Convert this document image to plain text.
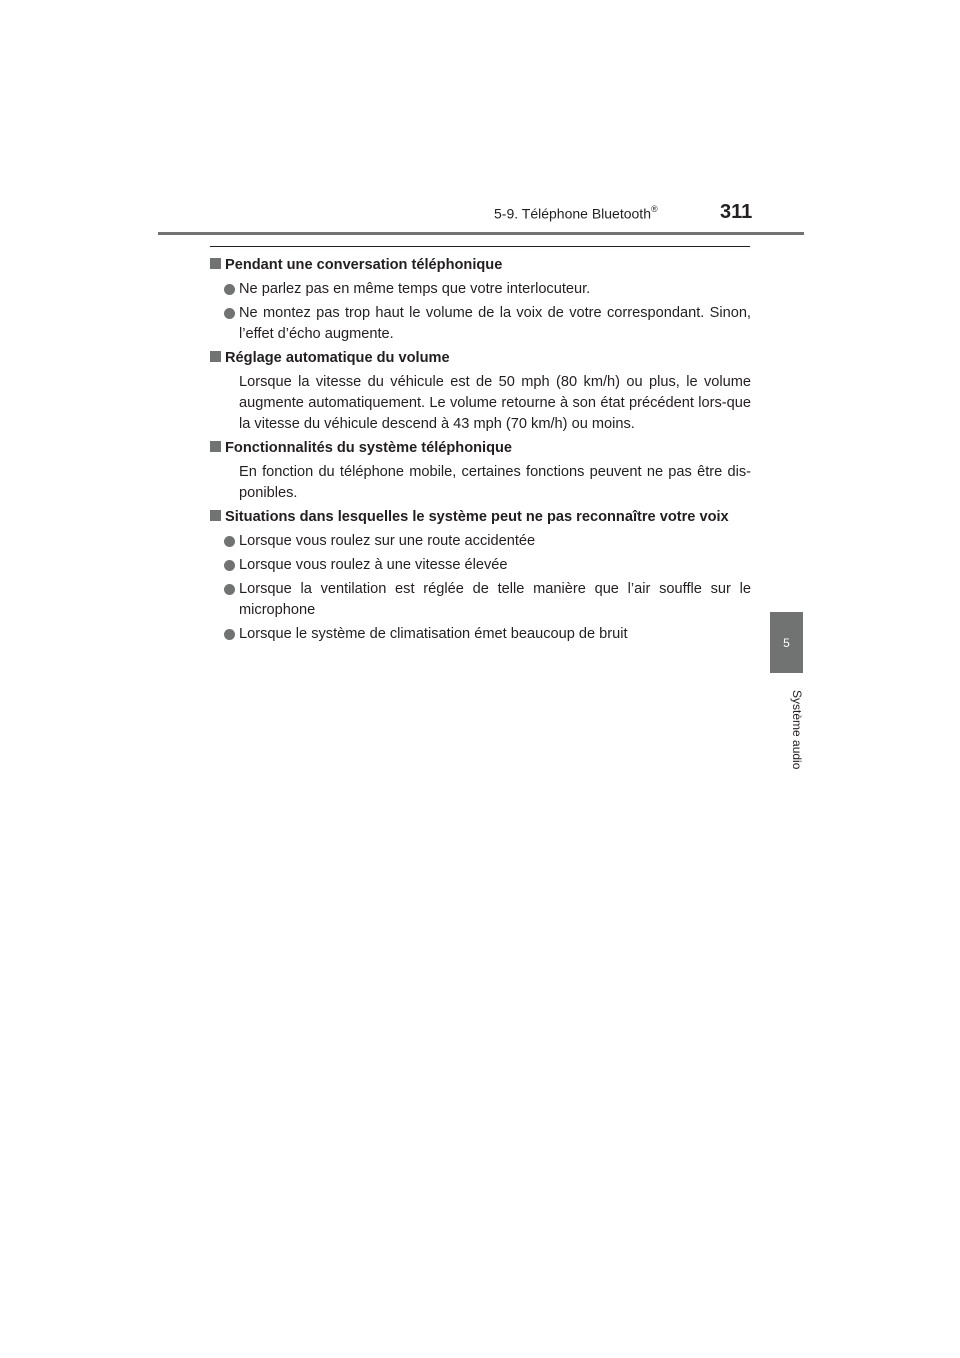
5-9. Téléphone Bluetooth®	311
5
Système audio
Pendant une conversation téléphonique
Ne parlez pas en même temps que votre interlocuteur.
Ne montez pas trop haut le volume de la voix de votre correspondant. Sinon, l’effet d’écho augmente.
Réglage automatique du volume
Lorsque la vitesse du véhicule est de 50 mph (80 km/h) ou plus, le volume augmente automatiquement. Le volume retourne à son état précédent lors-que la vitesse du véhicule descend à 43 mph (70 km/h) ou moins.
Fonctionnalités du système téléphonique
En fonction du téléphone mobile, certaines fonctions peuvent ne pas être dis-ponibles.
Situations dans lesquelles le système peut ne pas reconnaître votre voix
Lorsque vous roulez sur une route accidentée
Lorsque vous roulez à une vitesse élevée
Lorsque la ventilation est réglée de telle manière que l’air souffle sur le microphone
Lorsque le système de climatisation émet beaucoup de bruit
